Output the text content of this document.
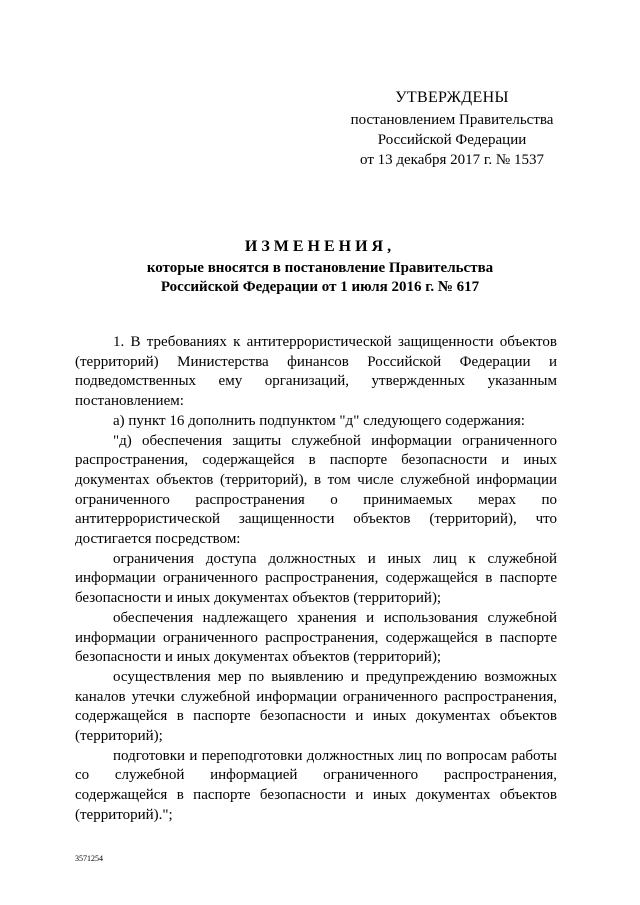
УТВЕРЖДЕНЫ
постановлением Правительства
Российской Федерации
от 13 декабря 2017 г. № 1537
ИЗМЕНЕНИЯ,
которые вносятся в постановление Правительства
Российской Федерации от 1 июля 2016 г. № 617

1. В требованиях к антитеррористической защищенности объектов (территорий) Министерства финансов Российской Федерации и подведомственных ему организаций, утвержденных указанным постановлением:

а) пункт 16 дополнить подпунктом "д" следующего содержания:

"д) обеспечения защиты служебной информации ограниченного распространения, содержащейся в паспорте безопасности и иных документах объектов (территорий), в том числе служебной информации ограниченного распространения о принимаемых мерах по антитеррористической защищенности объектов (территорий), что достигается посредством:

ограничения доступа должностных и иных лиц к служебной информации ограниченного распространения, содержащейся в паспорте безопасности и иных документах объектов (территорий);

обеспечения надлежащего хранения и использования служебной информации ограниченного распространения, содержащейся в паспорте безопасности и иных документах объектов (территорий);

осуществления мер по выявлению и предупреждению возможных каналов утечки служебной информации ограниченного распространения, содержащейся в паспорте безопасности и иных документах объектов (территорий);

подготовки и переподготовки должностных лиц по вопросам работы со служебной информацией ограниченного распространения, содержащейся в паспорте безопасности и иных документах объектов (территорий).";

3571254
